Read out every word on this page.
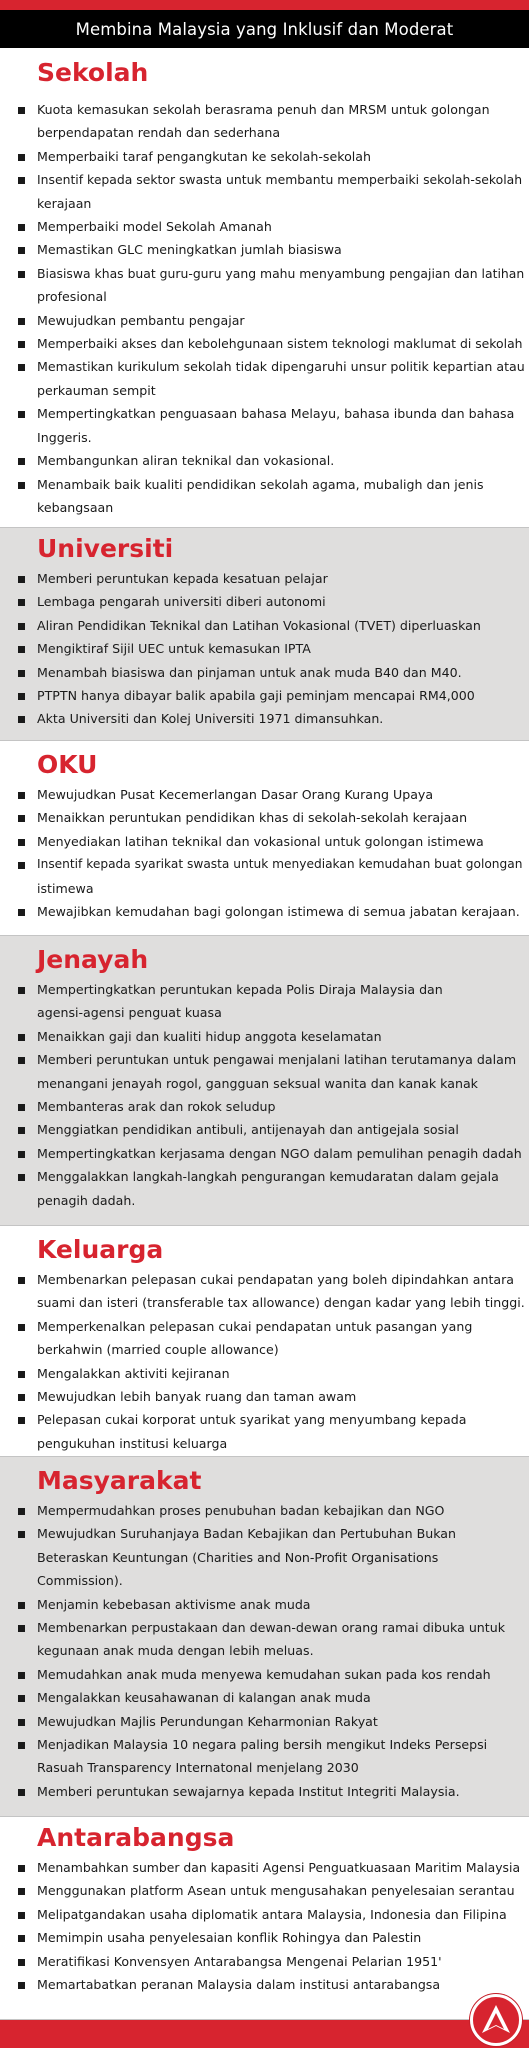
Membina Malaysia yang Inklusif dan Moderat
Sekolah
Kuota kemasukan sekolah berasrama penuh dan MRSM untuk golongan
berpendapatan rendah dan sederhana
Memperbaiki taraf pengangkutan ke sekolah-sekolah
Insentif kepada sektor swasta untuk membantu memperbaiki sekolah-sekolah
kerajaan
Memperbaiki model Sekolah Amanah
Memastikan GLC meningkatkan jumlah biasiswa
Biasiswa khas buat guru-guru yang mahu menyambung pengajian dan latihan
profesional
Mewujudkan pembantu pengajar
Memperbaiki akses dan kebolehgunaan sistem teknologi maklumat di sekolah
Memastikan kurikulum sekolah tidak dipengaruhi unsur politik kepartian atau
perkauman sempit
Mempertingkatkan penguasaan bahasa Melayu, bahasa ibunda dan bahasa
Inggeris.
Membangunkan aliran teknikal dan vokasional.
Menambaik baik kualiti pendidikan sekolah agama, mubaligh dan jenis
kebangsaan
Universiti
Memberi peruntukan kepada kesatuan pelajar
Lembaga pengarah universiti diberi autonomi
Aliran Pendidikan Teknikal dan Latihan Vokasional (TVET) diperluaskan
Mengiktiraf Sijil UEC untuk kemasukan IPTA
Menambah biasiswa dan pinjaman untuk anak muda B40 dan M40.
PTPTN hanya dibayar balik apabila gaji peminjam mencapai RM4,000
Akta Universiti dan Kolej Universiti 1971 dimansuhkan.
OKU
Mewujudkan Pusat Kecemerlangan Dasar Orang Kurang Upaya
Menaikkan peruntukan pendidikan khas di sekolah-sekolah kerajaan
Menyediakan latihan teknikal dan vokasional untuk golongan istimewa
Insentif kepada syarikat swasta untuk menyediakan kemudahan buat golongan
istimewa
Mewajibkan kemudahan bagi golongan istimewa di semua jabatan kerajaan.
Jenayah
Mempertingkatkan peruntukan kepada Polis Diraja Malaysia dan
agensi-agensi penguat kuasa
Menaikkan gaji dan kualiti hidup anggota keselamatan
Memberi peruntukan untuk pengawai menjalani latihan terutamanya dalam
menangani jenayah rogol, gangguan seksual wanita dan kanak kanak
Membanteras arak dan rokok seludup
Menggiatkan pendidikan antibuli, antijenayah dan antigejala sosial
Mempertingkatkan kerjasama dengan NGO dalam pemulihan penagih dadah
Menggalakkan langkah-langkah pengurangan kemudaratan dalam gejala
penagih dadah.
Keluarga
Membenarkan pelepasan cukai pendapatan yang boleh dipindahkan antara
suami dan isteri (transferable tax allowance) dengan kadar yang lebih tinggi.
Memperkenalkan pelepasan cukai pendapatan untuk pasangan yang
berkahwin (married couple allowance)
Mengalakkan aktiviti kejiranan
Mewujudkan lebih banyak ruang dan taman awam
Pelepasan cukai korporat untuk syarikat yang menyumbang kepada
pengukuhan institusi keluarga
Masyarakat
Mempermudahkan proses penubuhan badan kebajikan dan NGO
Mewujudkan Suruhanjaya Badan Kebajikan dan Pertubuhan Bukan
Beteraskan Keuntungan (Charities and Non-Profit Organisations
Commission).
Menjamin kebebasan aktivisme anak muda
Membenarkan perpustakaan dan dewan-dewan orang ramai dibuka untuk
kegunaan anak muda dengan lebih meluas.
Memudahkan anak muda menyewa kemudahan sukan pada kos rendah
Mengalakkan keusahawanan di kalangan anak muda
Mewujudkan Majlis Perundungan Keharmonian Rakyat
Menjadikan Malaysia 10 negara paling bersih mengikut Indeks Persepsi
Rasuah Transparency Internatonal menjelang 2030
Memberi peruntukan sewajarnya kepada Institut Integriti Malaysia.
Antarabangsa
Menambahkan sumber dan kapasiti Agensi Penguatkuasaan Maritim Malaysia
Menggunakan platform Asean untuk mengusahakan penyelesaian serantau
Melipatgandakan usaha diplomatik antara Malaysia, Indonesia dan Filipina
Memimpin usaha penyelesaian konflik Rohingya dan Palestin
Meratifikasi Konvensyen Antarabangsa Mengenai Pelarian 1951'
Memartabatkan peranan Malaysia dalam institusi antarabangsa
